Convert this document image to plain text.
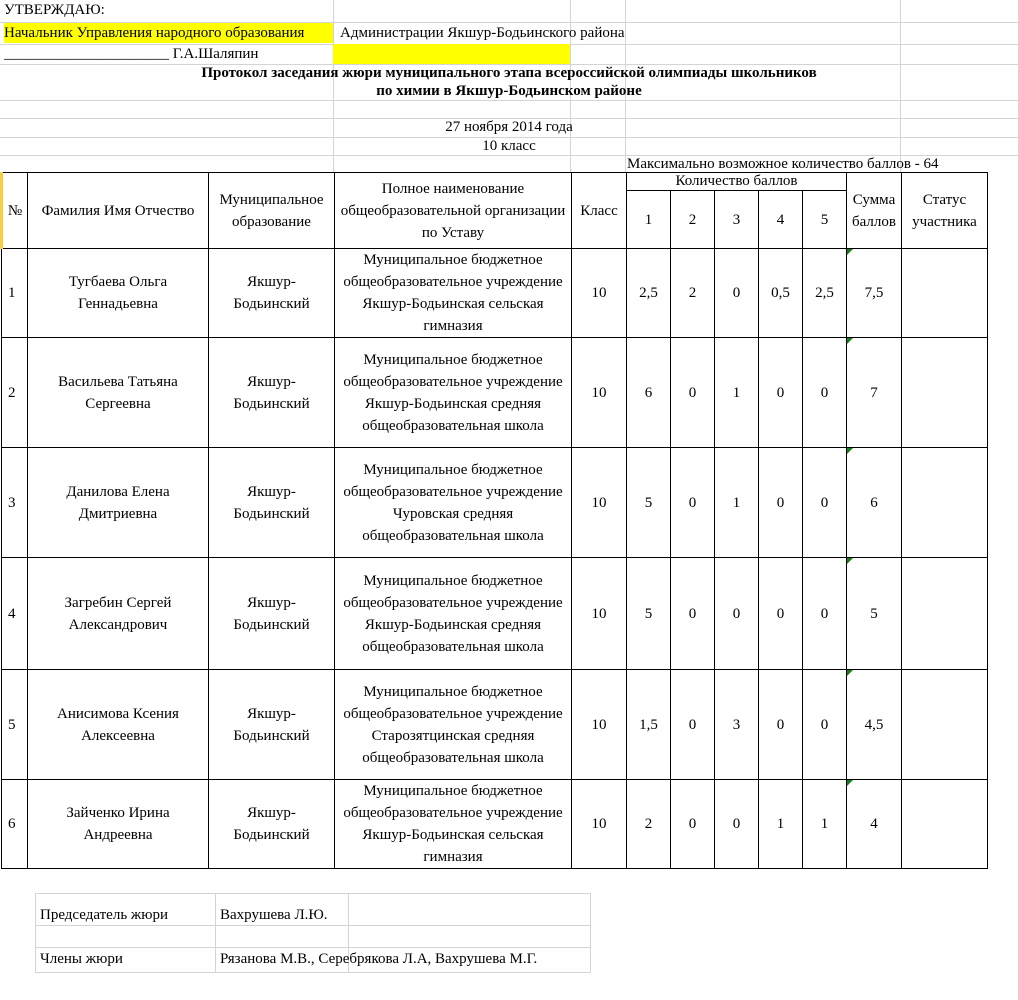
УТВЕРЖДАЮ:
Начальник Управления народного образования	Администрации Якшур-Бодьинского района
______________________ Г.А.Шаляпин
Протокол заседания жюри муниципального этапа всероссийской олимпиады школьников
по химии в Якшур-Бодьинском районе
27 ноября 2014 года
10 класс
Максимально возможное количество баллов - 64
№	Фамилия Имя Отчество	Муниципальное образование	Полное наименование общеобразовательной организации по Уставу	Класс	Количество баллов					Сумма баллов	Статус участника
					1	2	3	4	5		
1	Тугбаева Ольга Геннадьевна	Якшур-Бодьинский	Муниципальное бюджетное общеобразовательное учреждение Якшур-Бодьинская сельская гимназия	10	2,5	2	0	0,5	2,5	7,5	
2	Васильева Татьяна Сергеевна	Якшур-Бодьинский	Муниципальное бюджетное общеобразовательное учреждение Якшур-Бодьинская средняя общеобразовательная школа	10	6	0	1	0	0	7	
3	Данилова Елена Дмитриевна	Якшур-Бодьинский	Муниципальное бюджетное общеобразовательное учреждение Чуровская средняя общеобразовательная школа	10	5	0	1	0	0	6	
4	Загребин Сергей Александрович	Якшур-Бодьинский	Муниципальное бюджетное общеобразовательное учреждение Якшур-Бодьинская средняя общеобразовательная школа	10	5	0	0	0	0	5	
5	Анисимова Ксения Алексеевна	Якшур-Бодьинский	Муниципальное бюджетное общеобразовательное учреждение Старозятцинская средняя общеобразовательная школа	10	1,5	0	3	0	0	4,5	
6	Зайченко Ирина Андреевна	Якшур-Бодьинский	Муниципальное бюджетное общеобразовательное учреждение Якшур-Бодьинская сельская гимназия	10	2	0	0	1	1	4	
Председатель жюри	Вахрушева Л.Ю.
Члены жюри	Рязанова М.В., Серебрякова Л.А, Вахрушева М.Г.
